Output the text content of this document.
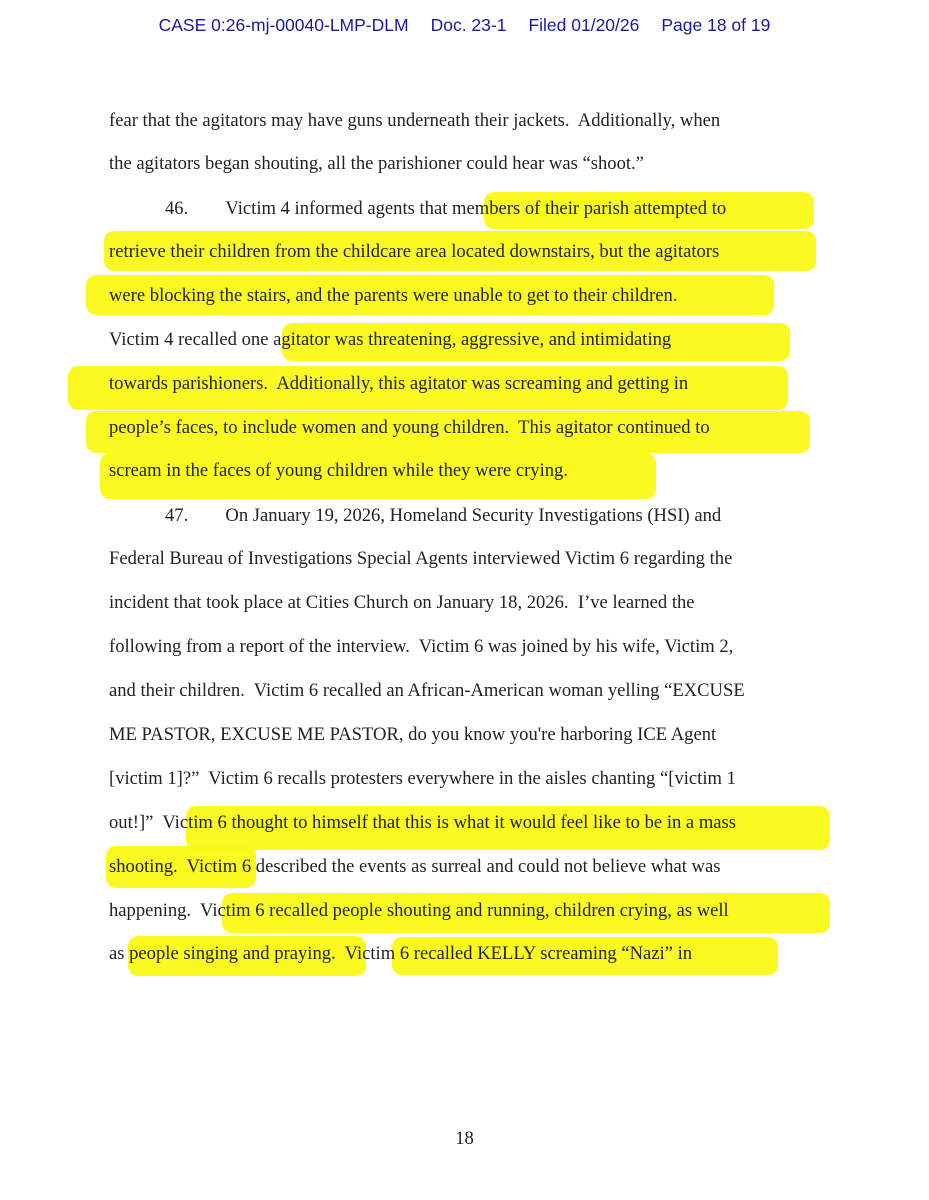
CASE 0:26-mj-00040-LMP-DLM Doc. 23-1 Filed 01/20/26 Page 18 of 19
fear that the agitators may have guns underneath their jackets.  Additionally, when
the agitators began shouting, all the parishioner could hear was “shoot.”
46.  Victim 4 informed agents that members of their parish attempted to
retrieve their children from the childcare area located downstairs, but the agitators
were blocking the stairs, and the parents were unable to get to their children.
Victim 4 recalled one agitator was threatening, aggressive, and intimidating
towards parishioners.  Additionally, this agitator was screaming and getting in
people’s faces, to include women and young children.  This agitator continued to
scream in the faces of young children while they were crying.
47.  On January 19, 2026, Homeland Security Investigations (HSI) and
Federal Bureau of Investigations Special Agents interviewed Victim 6 regarding the
incident that took place at Cities Church on January 18, 2026.  I’ve learned the
following from a report of the interview.  Victim 6 was joined by his wife, Victim 2,
and their children.  Victim 6 recalled an African-American woman yelling “EXCUSE
ME PASTOR, EXCUSE ME PASTOR, do you know you're harboring ICE Agent
[victim 1]?”  Victim 6 recalls protesters everywhere in the aisles chanting “[victim 1
out!]”  Victim 6 thought to himself that this is what it would feel like to be in a mass
shooting.  Victim 6 described the events as surreal and could not believe what was
happening.  Victim 6 recalled people shouting and running, children crying, as well
as people singing and praying.  Victim 6 recalled KELLY screaming “Nazi” in
18
